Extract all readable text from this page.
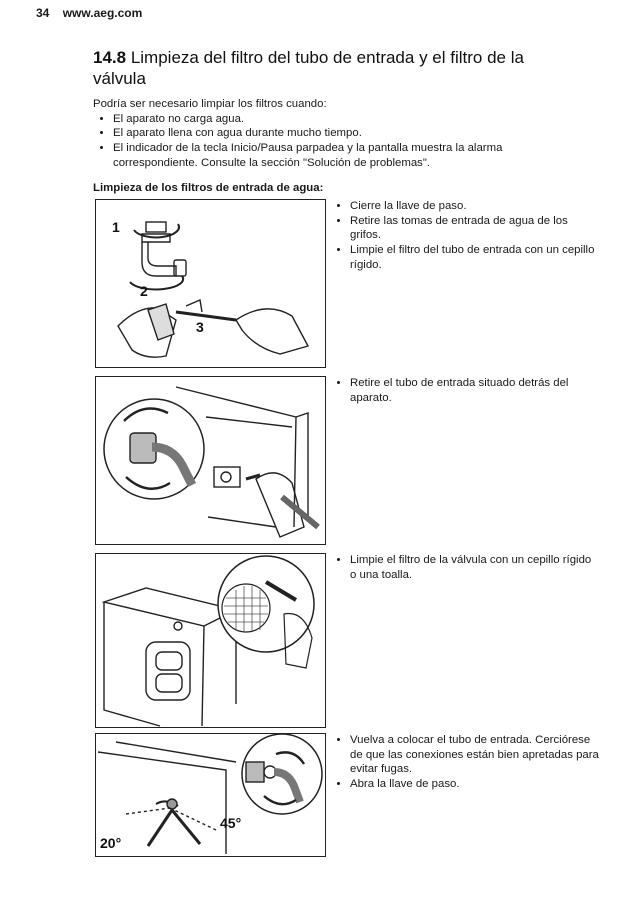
34 www.aeg.com
14.8 Limpieza del filtro del tubo de entrada y el filtro de la válvula
Podría ser necesario limpiar los filtros cuando:
• El aparato no carga agua.
• El aparato llena con agua durante mucho tiempo.
• El indicador de la tecla Inicio/Pausa parpadea y la pantalla muestra la alarma correspondiente. Consulte la sección "Solución de problemas".
Limpieza de los filtros de entrada de agua:
1
2
3
• Cierre la llave de paso.
• Retire las tomas de entrada de agua de los grifos.
• Limpie el filtro del tubo de entrada con un cepillo rígido.
• Retire el tubo de entrada situado detrás del aparato.
• Limpie el filtro de la válvula con un cepillo rígido o una toalla.
20°
45°
• Vuelva a colocar el tubo de entrada. Cerciórese de que las conexiones están bien apretadas para evitar fugas.
• Abra la llave de paso.
